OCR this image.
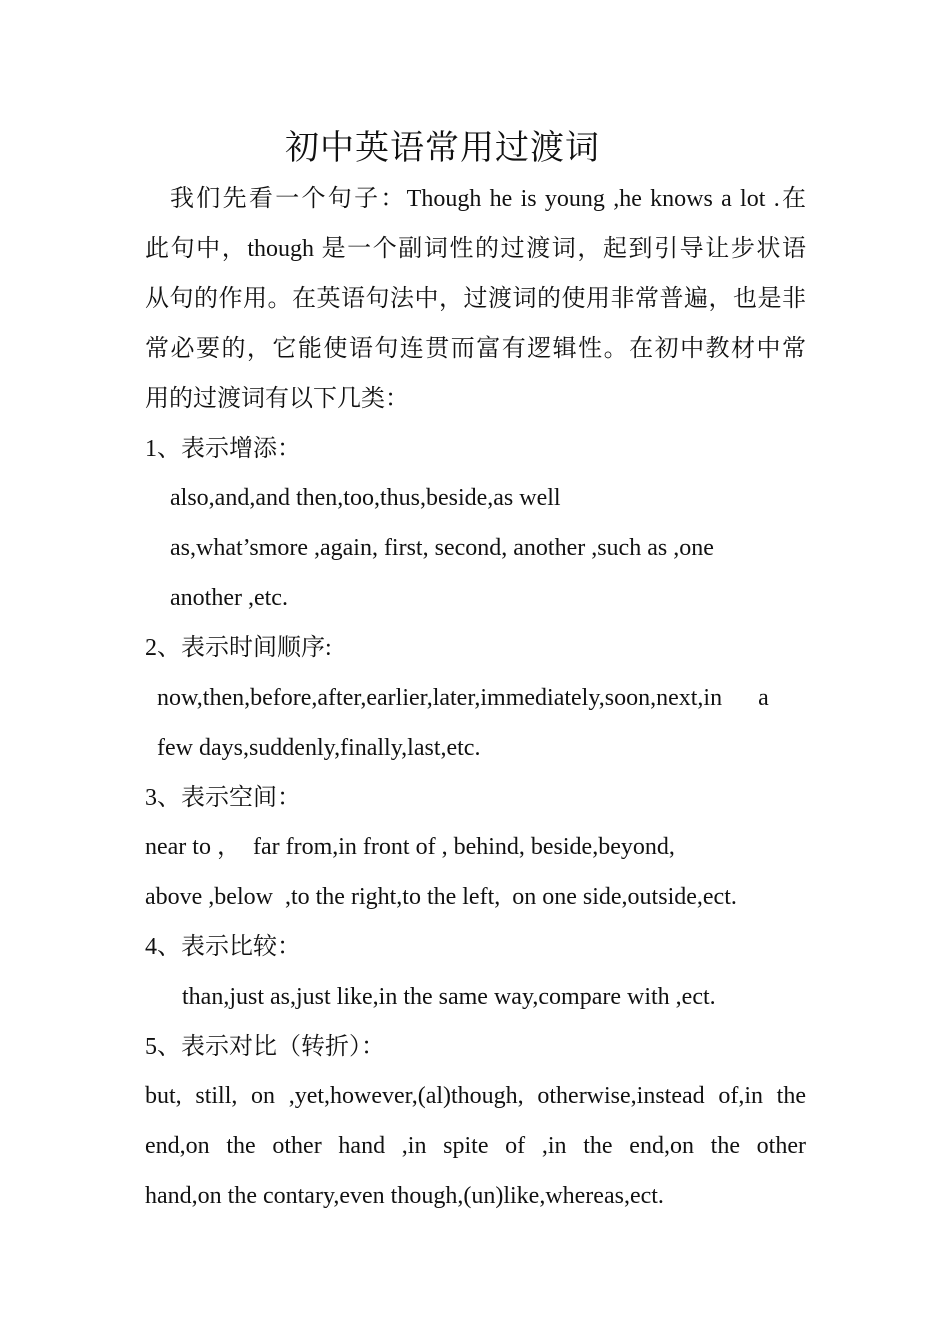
初中英语常用过渡词
我们先看一个句子：Though he is young ,he knows a lot .在
此句中，though 是一个副词性的过渡词，起到引导让步状语
从句的作用。在英语句法中，过渡词的使用非常普遍，也是非
常必要的，它能使语句连贯而富有逻辑性。在初中教材中常
用的过渡词有以下几类：
1、表示增添：
also,and,and then,too,thus,beside,as well
as,what’smore ,again, first, second, another ,such as ,one
another ,etc.
2、表示时间顺序:
now,then,before,after,earlier,later,immediately,soon,next,in      a
few days,suddenly,finally,last,etc.
3、表示空间：
near to ，  far from,in front of , behind, beside,beyond,
above ,below  ,to the right,to the left,  on one side,outside,ect.
4、表示比较：
than,just as,just like,in the same way,compare with ,ect.
5、表示对比（转折）：
but, still, on ,yet,however,(al)though, otherwise,instead of,in the
end,on the other hand ,in spite of ,in the end,on the other
hand,on the contary,even though,(un)like,whereas,ect.
